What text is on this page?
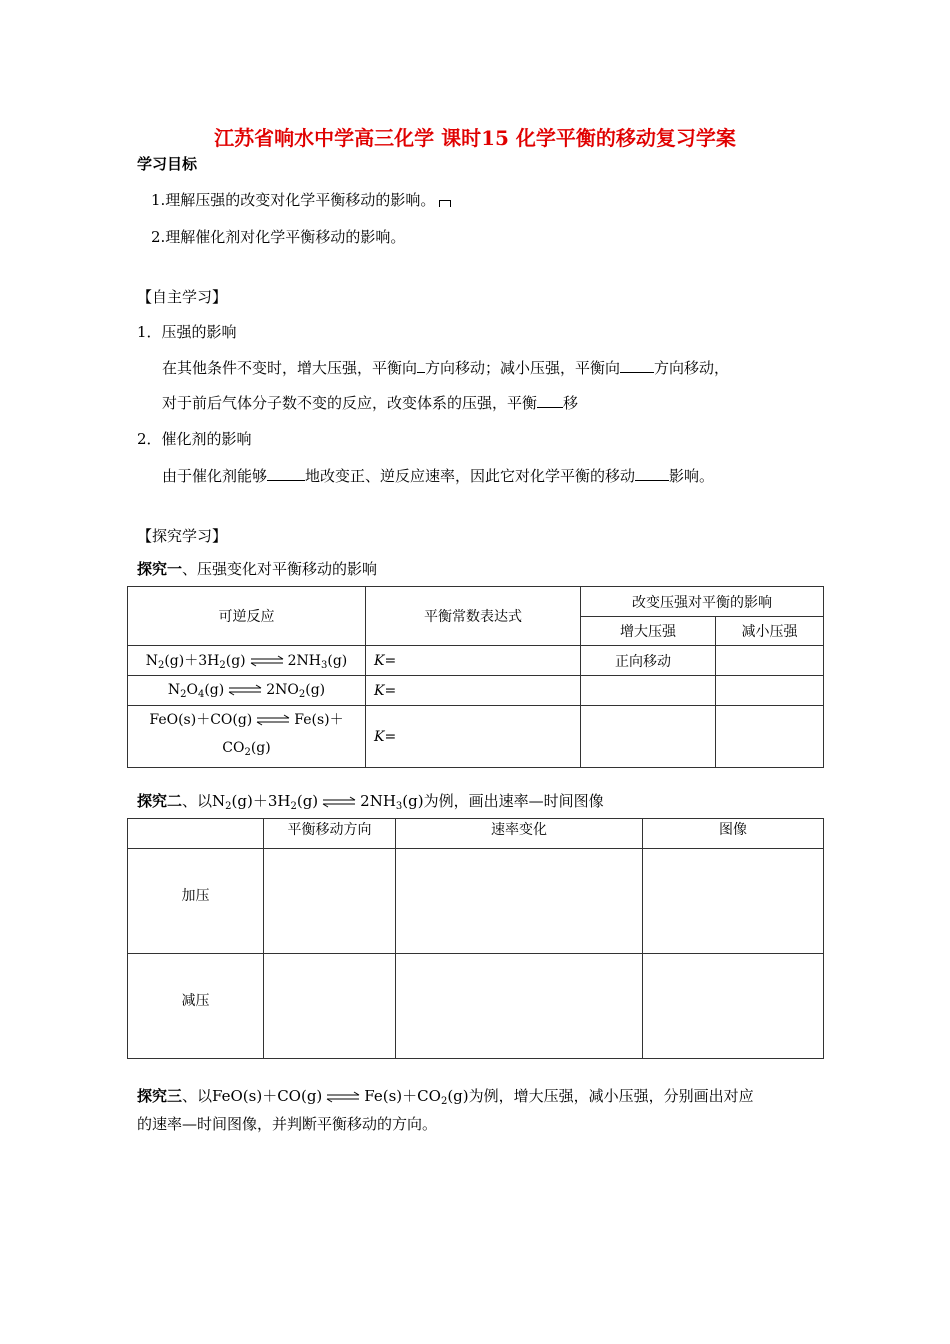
江苏省响水中学高三化学 课时15 化学平衡的移动复习学案
学习目标
1.理解压强的改变对化学平衡移动的影响。
2.理解催化剂对化学平衡移动的影响。
【自主学习】
1．压强的影响
在其他条件不变时，增大压强，平衡向 方向移动；减小压强，平衡向 方向移动，
对于前后气体分子数不变的反应，改变体系的压强，平衡 移
2．催化剂的影响
由于催化剂能够	地改变正、逆反应速率，因此它对化学平衡的移动 影响。
【探究学习】
探究一、压强变化对平衡移动的影响
可逆反应	平衡常数表达式	改变压强对平衡的影响	
		增大压强	减小压强
$N_2(g)+3H_2(g)$ $2NH_3(g)$	K=	正向移动	
$N_2O_4(g)$ $2NO_2(g)$	K=		
FeO(s)＋CO(g) Fe(s)＋
$CO_2(g)$	K=		
探究二、以$N_2(g)+3H_2(g)$	$2NH_3(g)$为例，画出速率—时间图像
	平衡移动方向	速率变化	图像
加压			
减压			
探究三、以FeO(s)＋CO(g)	$Fe(s)+CO_2(g)$为例，增大压强，减小压强，分别画出对应
的速率—时间图像，并判断平衡移动的方向。
